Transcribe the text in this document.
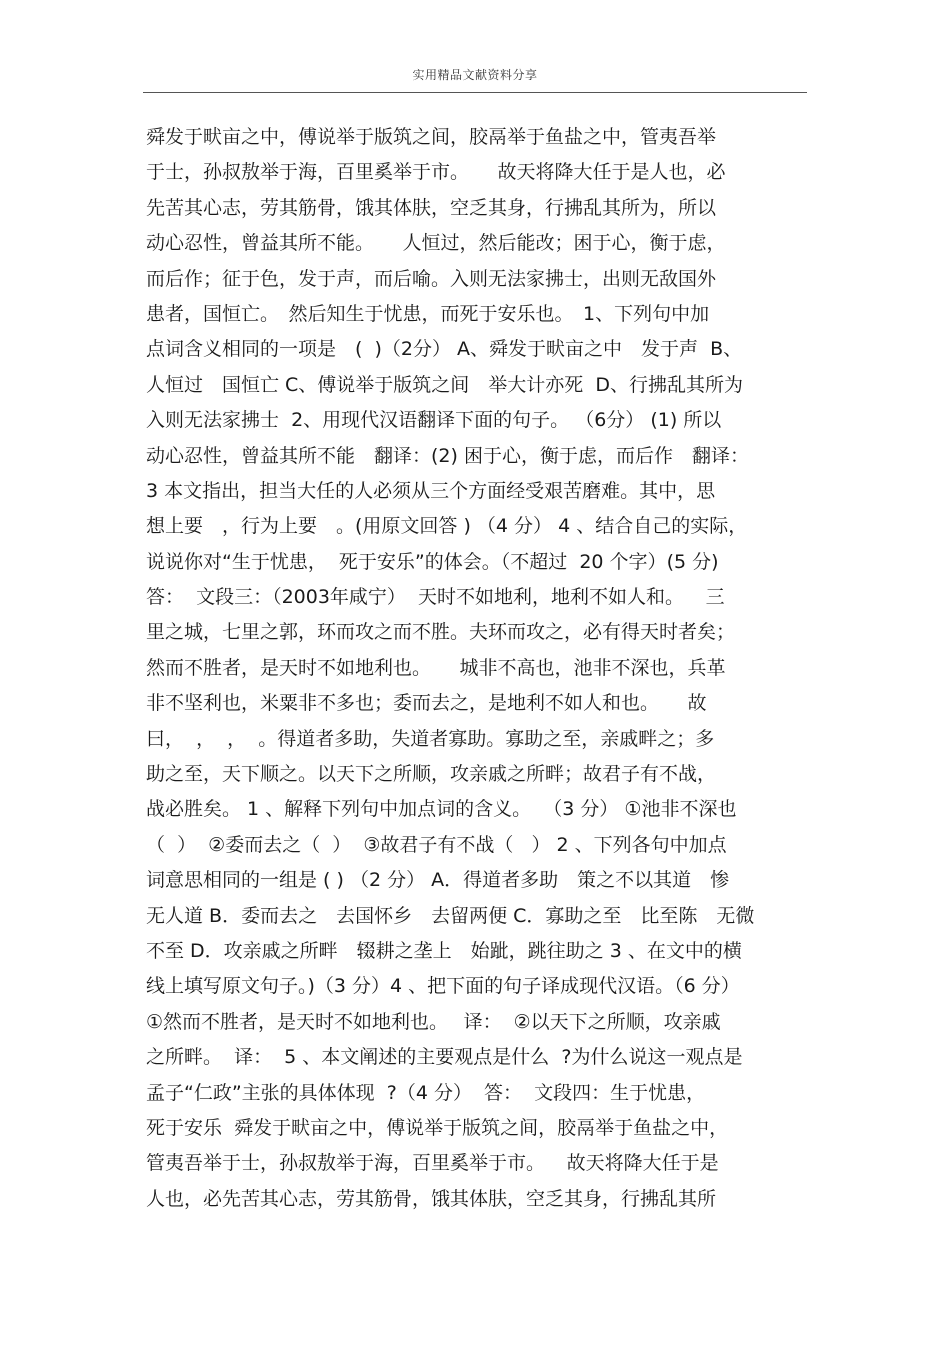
实用精品文献资料分享
舜发于畎亩之中，傅说举于版筑之间，胶鬲举于鱼盐之中，管夷吾举
于士，孙叔敖举于海，百里奚举于市。　　故天将降大任于是人也，必
先苦其心志，劳其筋骨，饿其体肤，空乏其身，行拂乱其所为，所以
动心忍性，曾益其所不能。　　人恒过，然后能改；困于心，衡于虑，
而后作；征于色，发于声，而后喻。入则无法家拂士，出则无敌国外
患者，国恒亡。　然后知生于忧患，而死于安乐也。　1、下列句中加
点词含义相同的一项是　(  )（2分） A、舜发于畎亩之中　发于声  B、
人恒过　国恒亡 C、傅说举于版筑之间　举大计亦死  D、行拂乱其所为
入则无法家拂士  2、用现代汉语翻译下面的句子。 （6分） (1) 所以
动心忍性，曾益其所不能　翻译：(2) 困于心，衡于虑，而后作　翻译：
3 本文指出，担当大任的人必须从三个方面经受艰苦磨难。其中，思
想上要　，行为上要　。(用原文回答 ) （4 分） 4 、结合自己的实际，
说说你对“生于忧患，  死于安乐”的体会。（不超过  20 个字）(5 分)
答：  文段三：（2003年咸宁）  天时不如地利，地利不如人和。　  三
里之城，七里之郭，环而攻之而不胜。夫环而攻之，必有得天时者矣；
然而不胜者，是天时不如地利也。　　城非不高也，池非不深也，兵革
非不坚利也，米粟非不多也；委而去之，是地利不如人和也。　　故
曰，  ，  ，  。得道者多助，失道者寡助。寡助之至，亲戚畔之；多
助之至，天下顺之。以天下之所顺，攻亲戚之所畔；故君子有不战，
战必胜矣。 1 、解释下列句中加点词的含义。  （3 分） ①池非不深也
（  ）  ②委而去之（  ）  ③故君子有不战（   ） 2 、下列各句中加点
词意思相同的一组是 ( ) （2 分） A．得道者多助　策之不以其道　惨
无人道 B．委而去之　去国怀乡　去留两便 C．寡助之至　比至陈　无微
不至 D．攻亲戚之所畔　辍耕之垄上　始跐，跳往助之 3 、在文中的横
线上填写原文句子。)（3 分）4 、把下面的句子译成现代汉语。（6 分）
①然而不胜者，是天时不如地利也。　 译：  ②以天下之所顺，攻亲戚
之所畔。  译：  5 、本文阐述的主要观点是什么  ?为什么说这一观点是
孟子“仁政”主张的具体体现  ?（4 分）  答：  文段四：生于忧患，
死于安乐  舜发于畎亩之中，傅说举于版筑之间，胶鬲举于鱼盐之中，
管夷吾举于士，孙叔敖举于海，百里奚举于市。　  故天将降大任于是
人也，必先苦其心志，劳其筋骨，饿其体肤，空乏其身，行拂乱其所
